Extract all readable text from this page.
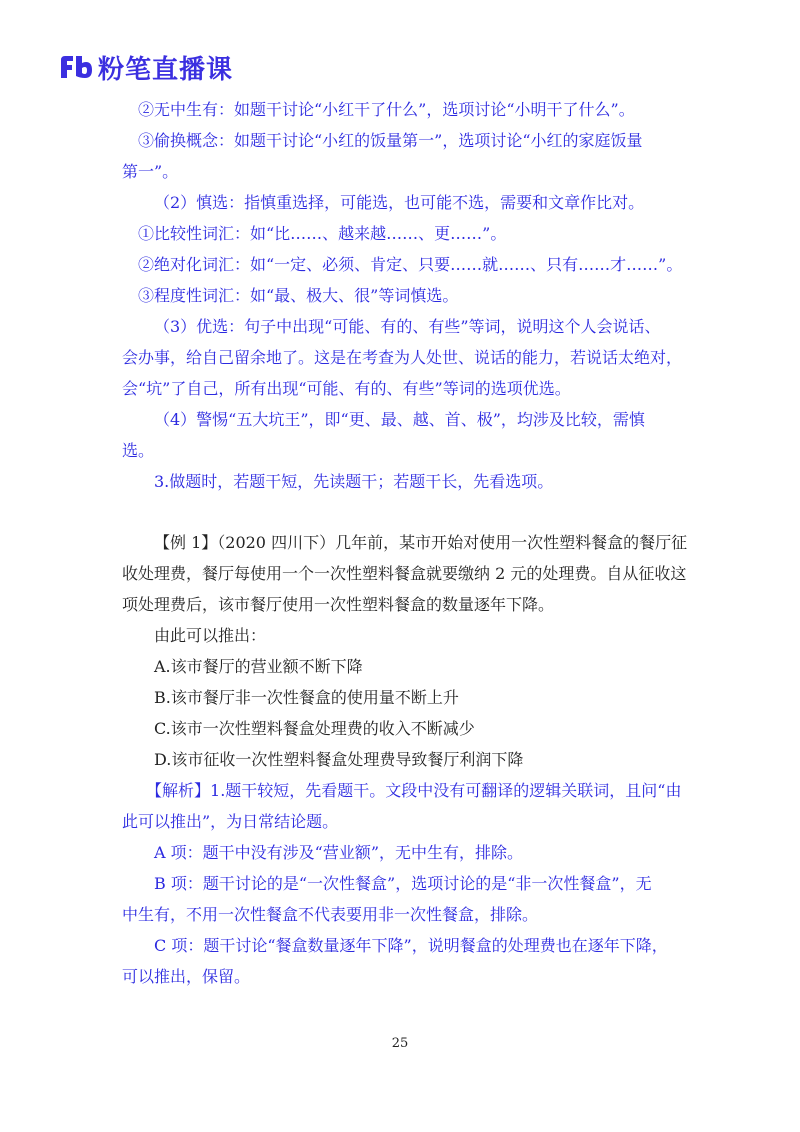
粉笔直播课

②无中生有：如题干讨论“小红干了什么”，选项讨论“小明干了什么”。

③偷换概念：如题干讨论“小红的饭量第一”，选项讨论“小红的家庭饭量

第一”。

（2）慎选：指慎重选择，可能选，也可能不选，需要和文章作比对。

①比较性词汇：如“比……、越来越……、更……”。

②绝对化词汇：如“一定、必须、肯定、只要……就……、只有……才……”。

③程度性词汇：如“最、极大、很”等词慎选。

（3）优选：句子中出现“可能、有的、有些”等词，说明这个人会说话、

会办事，给自己留余地了。这是在考查为人处世、说话的能力，若说话太绝对，

会“坑”了自己，所有出现“可能、有的、有些”等词的选项优选。

（4）警惕“五大坑王”，即“更、最、越、首、极”，均涉及比较，需慎

选。

3.做题时，若题干短，先读题干；若题干长，先看选项。

【例 1】（2020 四川下）几年前，某市开始对使用一次性塑料餐盒的餐厅征

收处理费，餐厅每使用一个一次性塑料餐盒就要缴纳 2 元的处理费。自从征收这

项处理费后，该市餐厅使用一次性塑料餐盒的数量逐年下降。

由此可以推出：

A.该市餐厅的营业额不断下降

B.该市餐厅非一次性餐盒的使用量不断上升

C.该市一次性塑料餐盒处理费的收入不断减少

D.该市征收一次性塑料餐盒处理费导致餐厅利润下降

【解析】1.题干较短，先看题干。文段中没有可翻译的逻辑关联词，且问“由

此可以推出”，为日常结论题。

A 项：题干中没有涉及“营业额”，无中生有，排除。

B 项：题干讨论的是“一次性餐盒”，选项讨论的是“非一次性餐盒”，无

中生有，不用一次性餐盒不代表要用非一次性餐盒，排除。

C 项：题干讨论“餐盒数量逐年下降”，说明餐盒的处理费也在逐年下降，

可以推出，保留。

25
